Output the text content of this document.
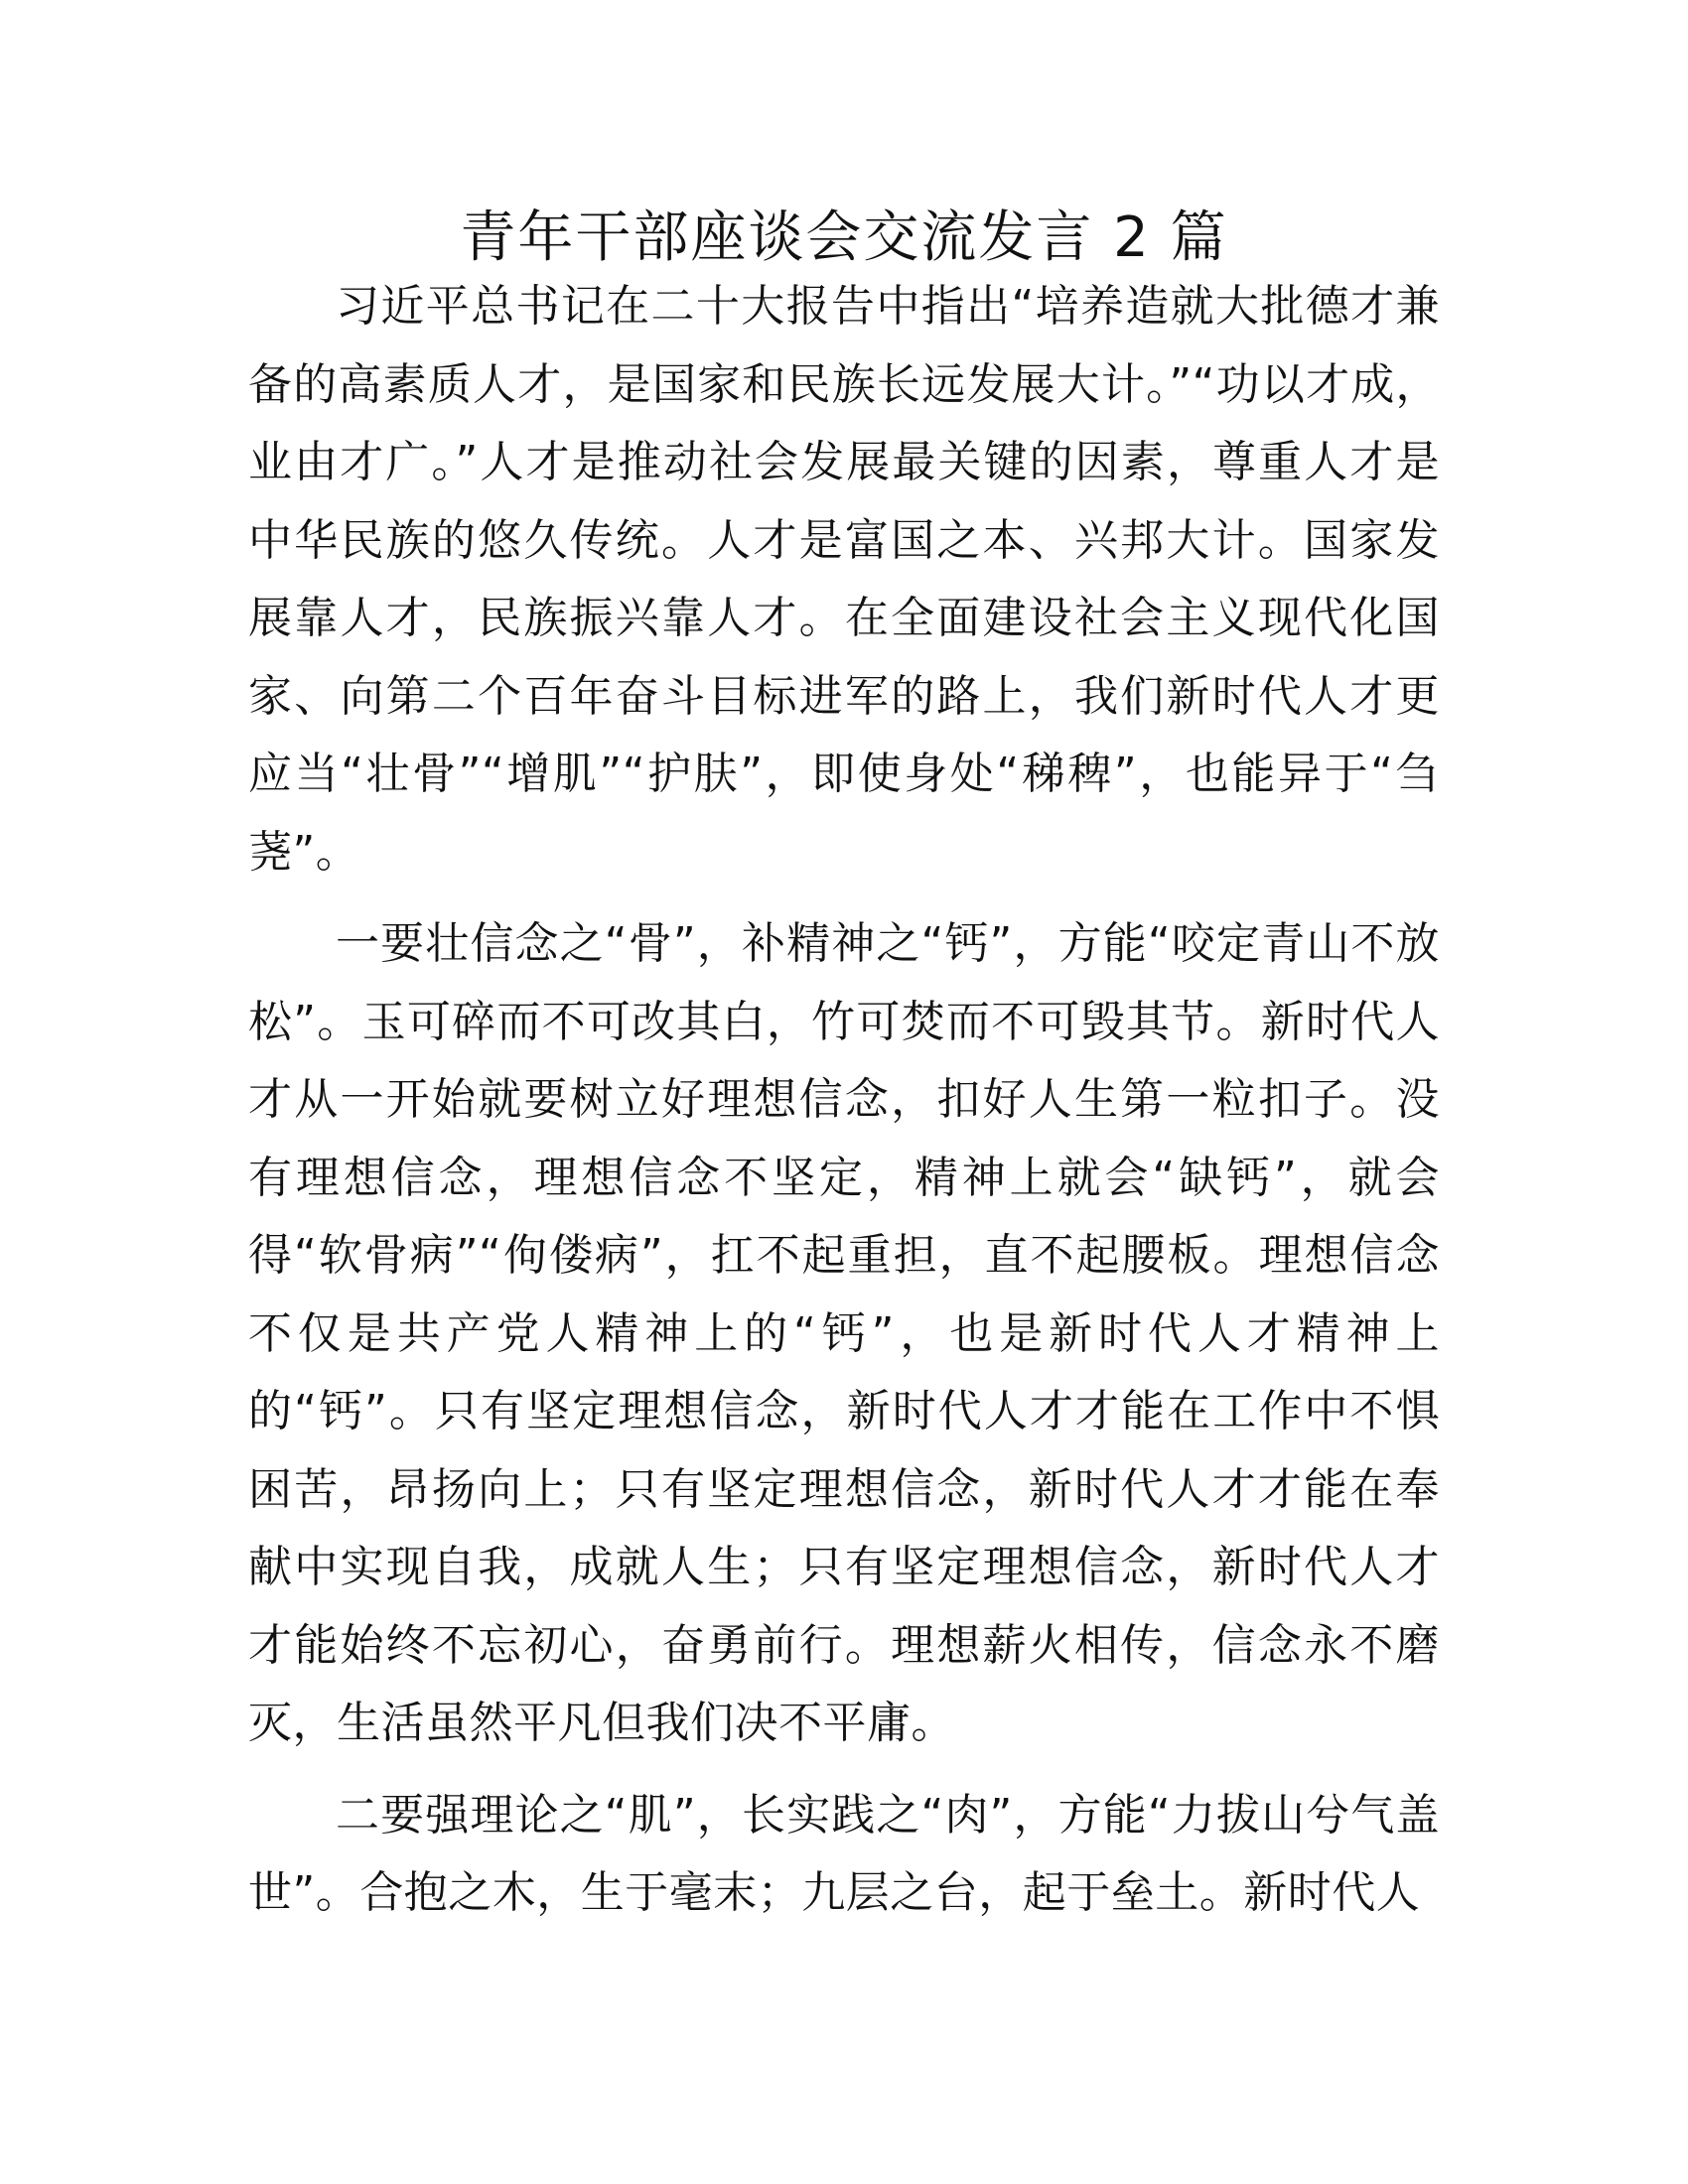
青年干部座谈会交流发言 2 篇

习近平总书记在二十大报告中指出“培养造就大批德才兼备的高素质人才，是国家和民族长远发展大计。”“功以才成，业由才广。”人才是推动社会发展最关键的因素，尊重人才是中华民族的悠久传统。人才是富国之本、兴邦大计。国家发展靠人才，民族振兴靠人才。在全面建设社会主义现代化国家、向第二个百年奋斗目标进军的路上，我们新时代人才更应当“壮骨”“增肌”“护肤”，即使身处“稊稗”，也能异于“刍荛”。

一要壮信念之“骨”，补精神之“钙”，方能“咬定青山不放松”。玉可碎而不可改其白，竹可焚而不可毁其节。新时代人才从一开始就要树立好理想信念，扣好人生第一粒扣子。没有理想信念，理想信念不坚定，精神上就会“缺钙”，就会得“软骨病”“佝偻病”，扛不起重担，直不起腰板。理想信念不仅是共产党人精神上的“钙”，也是新时代人才精神上的“钙”。只有坚定理想信念，新时代人才才能在工作中不惧困苦，昂扬向上；只有坚定理想信念，新时代人才才能在奉献中实现自我，成就人生；只有坚定理想信念，新时代人才才能始终不忘初心，奋勇前行。理想薪火相传，信念永不磨灭，生活虽然平凡但我们决不平庸。

二要强理论之“肌”，长实践之“肉”，方能“力拔山兮气盖世”。合抱之木，生于毫末；九层之台，起于垒土。新时代人
